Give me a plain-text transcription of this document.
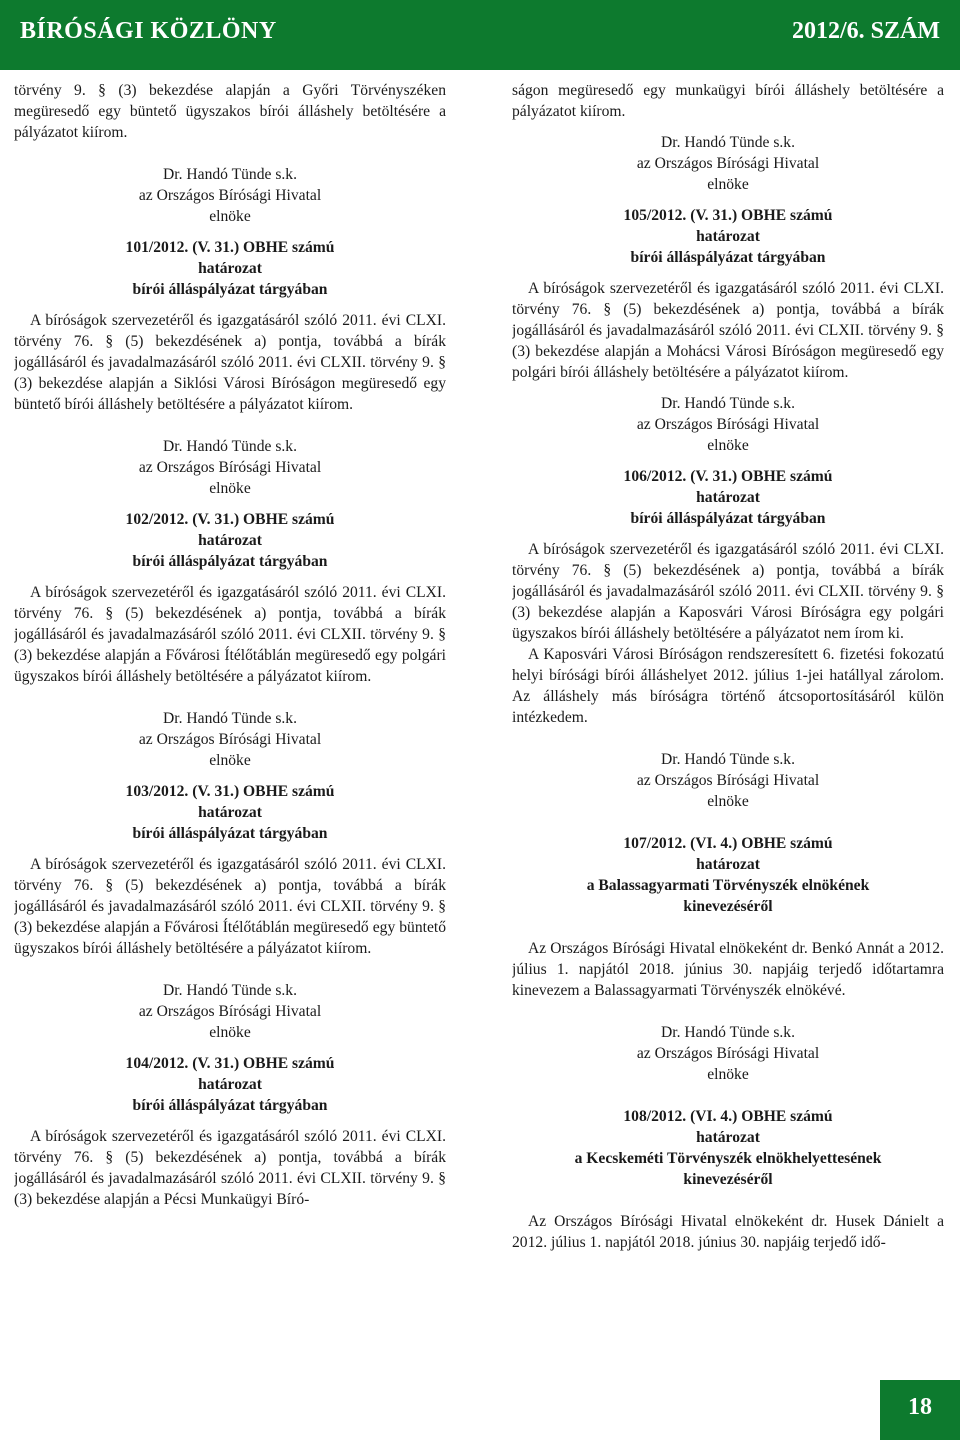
BÍRÓSÁGI KÖZLÖNY	2012/6. SZÁM

törvény 9. § (3) bekezdése alapján a Győri Törvényszéken megüresedő egy büntető ügyszakos bírói álláshely betöltésére a pályázatot kiírom.

Dr. Handó Tünde s.k.
az Országos Bírósági Hivatal
elnöke
101/2012. (V. 31.) OBHE számú
határozat
bírói álláspályázat tárgyában

A bíróságok szervezetéről és igazgatásáról szóló 2011. évi CLXI. törvény 76. § (5) bekezdésének a) pontja, továbbá a bírák jogállásáról és javadalmazásáról szóló 2011. évi CLXII. törvény 9. § (3) bekezdése alapján a Siklósi Városi Bíróságon megüresedő egy büntető bírói álláshely betöltésére a pályázatot kiírom.

Dr. Handó Tünde s.k.
az Országos Bírósági Hivatal
elnöke
102/2012. (V. 31.) OBHE számú
határozat
bírói álláspályázat tárgyában

A bíróságok szervezetéről és igazgatásáról szóló 2011. évi CLXI. törvény 76. § (5) bekezdésének a) pontja, továbbá a bírák jogállásáról és javadalmazásáról szóló 2011. évi CLXII. törvény 9. § (3) bekezdése alapján a Fővárosi Ítélőtáblán megüresedő egy polgári ügyszakos bírói álláshely betöltésére a pályázatot kiírom.

Dr. Handó Tünde s.k.
az Országos Bírósági Hivatal
elnöke
103/2012. (V. 31.) OBHE számú
határozat
bírói álláspályázat tárgyában

A bíróságok szervezetéről és igazgatásáról szóló 2011. évi CLXI. törvény 76. § (5) bekezdésének a) pontja, továbbá a bírák jogállásáról és javadalmazásáról szóló 2011. évi CLXII. törvény 9. § (3) bekezdése alapján a Fővárosi Ítélőtáblán megüresedő egy büntető ügyszakos bírói álláshely betöltésére a pályázatot kiírom.

Dr. Handó Tünde s.k.
az Országos Bírósági Hivatal
elnöke
104/2012. (V. 31.) OBHE számú
határozat
bírói álláspályázat tárgyában

A bíróságok szervezetéről és igazgatásáról szóló 2011. évi CLXI. törvény 76. § (5) bekezdésének a) pontja, továbbá a bírák jogállásáról és javadalmazásáról szóló 2011. évi CLXII. törvény 9. § (3) bekezdése alapján a Pécsi Munkaügyi Bíró-

ságon megüresedő egy munkaügyi bírói álláshely betöltésére a pályázatot kiírom.

Dr. Handó Tünde s.k.
az Országos Bírósági Hivatal
elnöke
105/2012. (V. 31.) OBHE számú
határozat
bírói álláspályázat tárgyában

A bíróságok szervezetéről és igazgatásáról szóló 2011. évi CLXI. törvény 76. § (5) bekezdésének a) pontja, továbbá a bírák jogállásáról és javadalmazásáról szóló 2011. évi CLXII. törvény 9. § (3) bekezdése alapján a Mohácsi Városi Bíróságon megüresedő egy polgári bírói álláshely betöltésére a pályázatot kiírom.

Dr. Handó Tünde s.k.
az Országos Bírósági Hivatal
elnöke
106/2012. (V. 31.) OBHE számú
határozat
bírói álláspályázat tárgyában

A bíróságok szervezetéről és igazgatásáról szóló 2011. évi CLXI. törvény 76. § (5) bekezdésének a) pontja, továbbá a bírák jogállásáról és javadalmazásáról szóló 2011. évi CLXII. törvény 9. § (3) bekezdése alapján a Kaposvári Városi Bíróságra egy polgári ügyszakos bírói álláshely betöltésére a pályázatot nem írom ki.

A Kaposvári Városi Bíróságon rendszeresített 6. fizetési fokozatú helyi bírósági bírói álláshelyet 2012. július 1-jei hatállyal zárolom. Az álláshely más bíróságra történő átcsoportosításáról külön intézkedem.

Dr. Handó Tünde s.k.
az Országos Bírósági Hivatal
elnöke
107/2012. (VI. 4.) OBHE számú
határozat
a Balassagyarmati Törvényszék elnökének kinevezéséről

Az Országos Bírósági Hivatal elnökeként dr. Benkó Annát a 2012. július 1. napjától 2018. június 30. napjáig terjedő időtartamra kinevezem a Balassagyarmati Törvényszék elnökévé.

Dr. Handó Tünde s.k.
az Országos Bírósági Hivatal
elnöke
108/2012. (VI. 4.) OBHE számú
határozat
a Kecskeméti Törvényszék elnökhelyettesének kinevezéséről

Az Országos Bírósági Hivatal elnökeként dr. Husek Dánielt a 2012. július 1. napjától 2018. június 30. napjáig terjedő idő-

18
